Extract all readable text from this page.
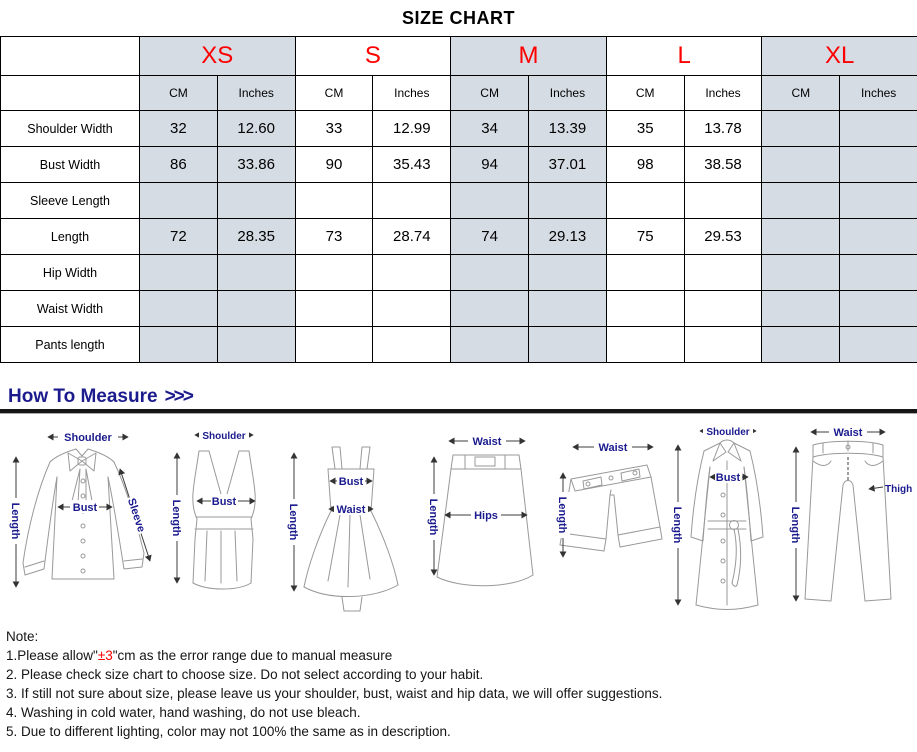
SIZE CHART
	XS		S		M		L		XL	
	CM	Inches	CM	Inches	CM	Inches	CM	Inches	CM	Inches
Shoulder Width	32	12.60	33	12.99	34	13.39	35	13.78		
Bust Width	86	33.86	90	35.43	94	37.01	98	38.58		
Sleeve Length										
Length	72	28.35	73	28.74	74	29.13	75	29.53		
Hip Width										
Waist Width										
Pants length										
How To Measure >>>
Shoulder
Length	Bust	Sleeve
Shoulder
Length	Bust
Length
Bust
Waist
Waist
Hips
Length
Waist
Length
Shoulder
Length
Bust
Waist
Length
Thigh
Note:
1.Please allow"±3"cm as the error range due to manual measure
2. Please check size chart to choose size. Do not select according to your habit.
3. If still not sure about size, please leave us your shoulder, bust, waist and hip data, we will offer suggestions.
4. Washing in cold water, hand washing, do not use bleach.
5. Due to different lighting, color may not 100% the same as in description.
